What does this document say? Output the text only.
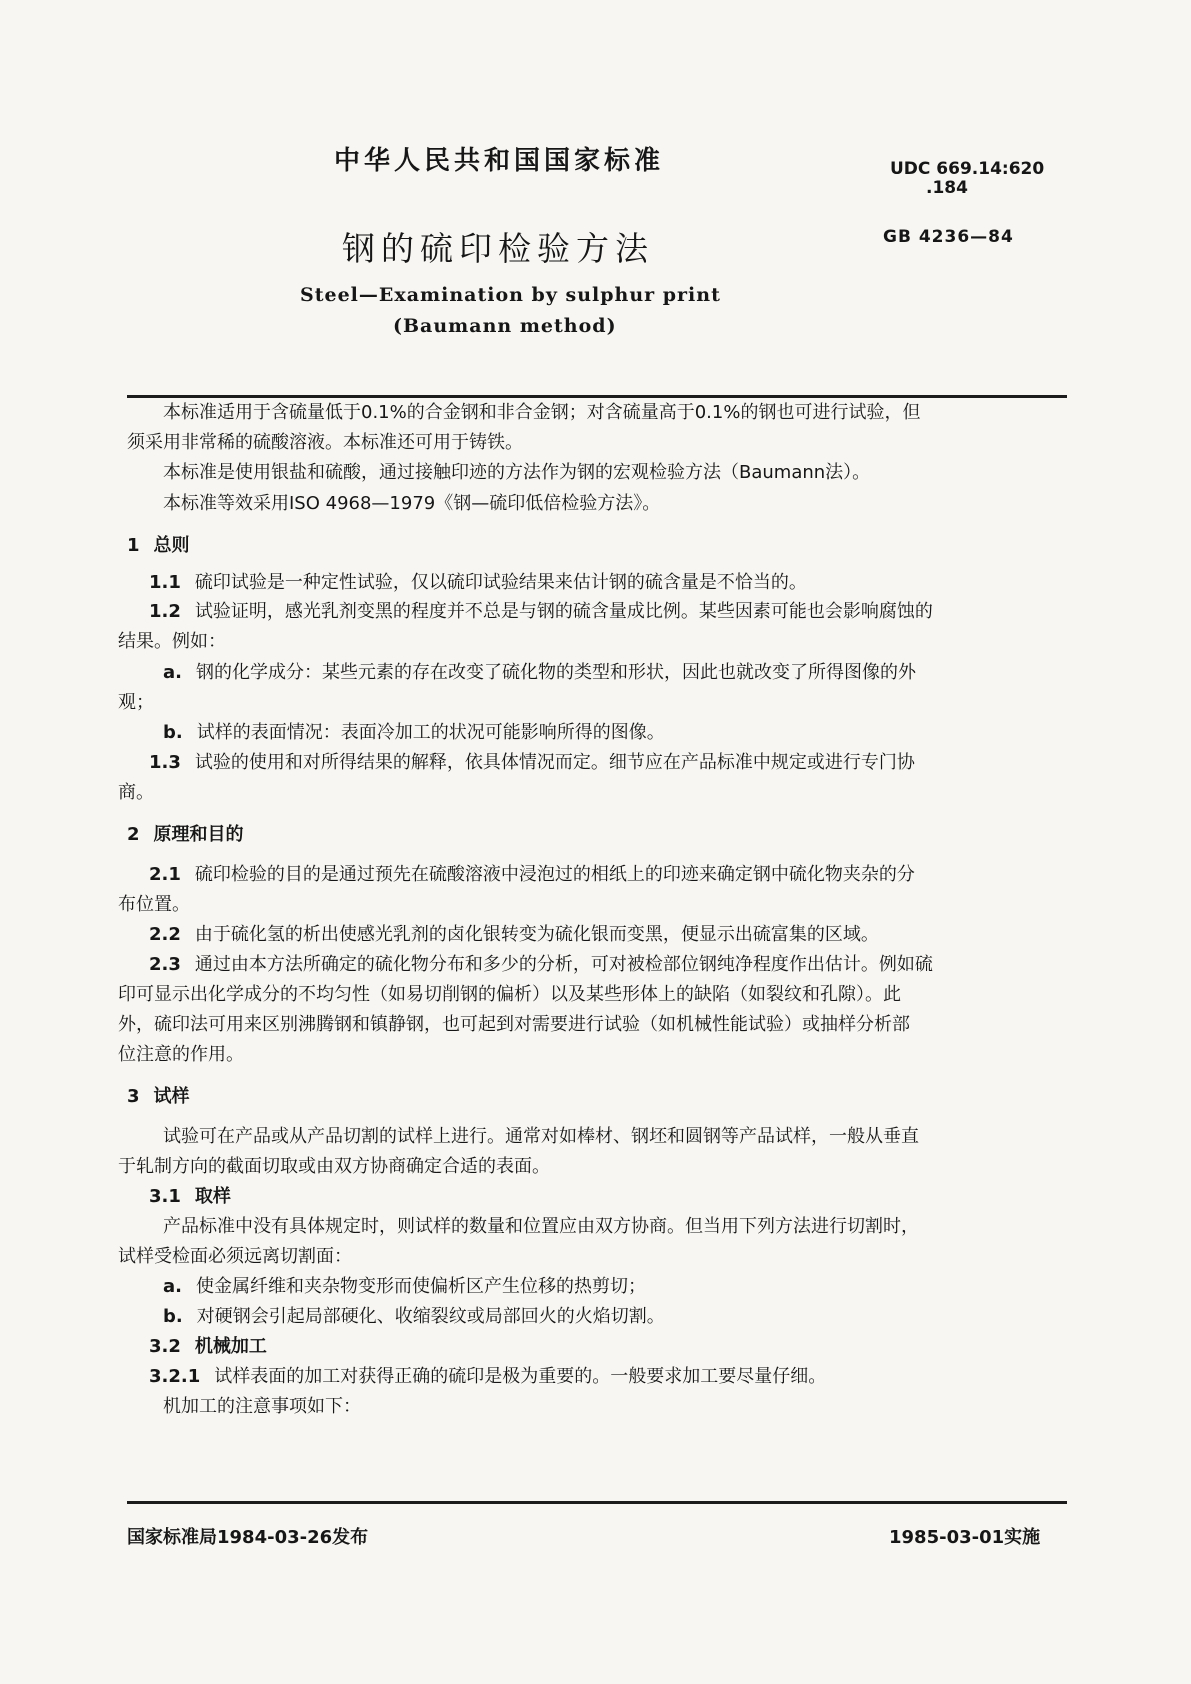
中华人民共和国国家标准	UDC 669.14:620
.184
钢的硫印检验方法	GB 4236—84
Steel—Examination by sulphur print
(Baumann method)
本标准适用于含硫量低于0.1%的合金钢和非合金钢；对含硫量高于0.1%的钢也可进行试验，但
须采用非常稀的硫酸溶液。本标准还可用于铸铁。
本标准是使用银盐和硫酸，通过接触印迹的方法作为钢的宏观检验方法（Baumann法）。
本标准等效采用ISO 4968—1979《钢—硫印低倍检验方法》。
1 总则
1.1 硫印试验是一种定性试验，仅以硫印试验结果来估计钢的硫含量是不恰当的。
1.2 试验证明，感光乳剂变黑的程度并不总是与钢的硫含量成比例。某些因素可能也会影响腐蚀的
结果。例如：
a. 钢的化学成分：某些元素的存在改变了硫化物的类型和形状，因此也就改变了所得图像的外
观；
b. 试样的表面情况：表面冷加工的状况可能影响所得的图像。
1.3 试验的使用和对所得结果的解释，依具体情况而定。细节应在产品标准中规定或进行专门协
商。
2 原理和目的
2.1 硫印检验的目的是通过预先在硫酸溶液中浸泡过的相纸上的印迹来确定钢中硫化物夹杂的分
布位置。
2.2 由于硫化氢的析出使感光乳剂的卤化银转变为硫化银而变黑，便显示出硫富集的区域。
2.3 通过由本方法所确定的硫化物分布和多少的分析，可对被检部位钢纯净程度作出估计。例如硫
印可显示出化学成分的不均匀性（如易切削钢的偏析）以及某些形体上的缺陷（如裂纹和孔隙）。此
外，硫印法可用来区别沸腾钢和镇静钢，也可起到对需要进行试验（如机械性能试验）或抽样分析部
位注意的作用。
3 试样
试验可在产品或从产品切割的试样上进行。通常对如棒材、钢坯和圆钢等产品试样，一般从垂直
于轧制方向的截面切取或由双方协商确定合适的表面。
3.1 取样
产品标准中没有具体规定时，则试样的数量和位置应由双方协商。但当用下列方法进行切割时，
试样受检面必须远离切割面：
a. 使金属纤维和夹杂物变形而使偏析区产生位移的热剪切；
b. 对硬钢会引起局部硬化、收缩裂纹或局部回火的火焰切割。
3.2 机械加工
3.2.1 试样表面的加工对获得正确的硫印是极为重要的。一般要求加工要尽量仔细。
机加工的注意事项如下：
国家标准局1984-03-26发布	1985-03-01实施
